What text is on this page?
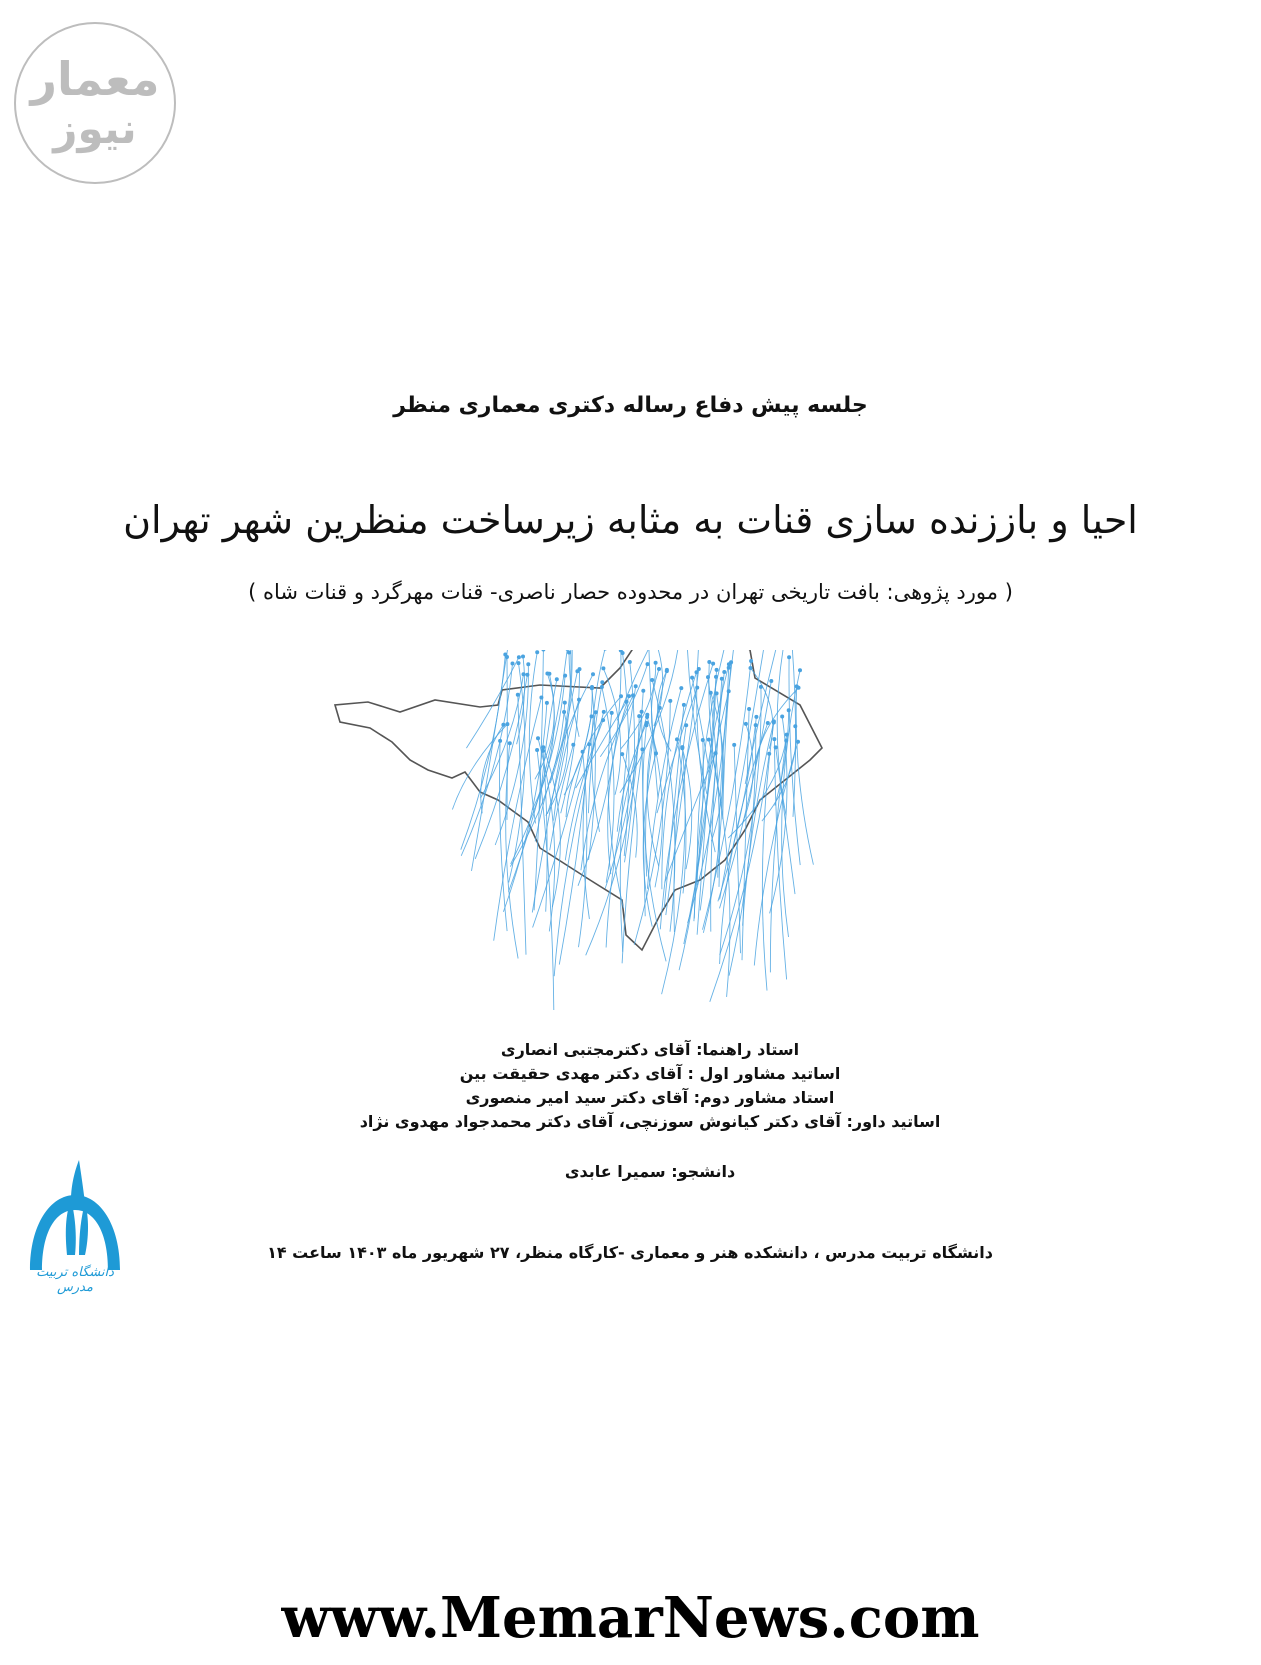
معمار
نیوز
جلسه پیش دفاع رساله دکتری معماری منظر
احیا و باززنده سازی قنات به مثابه زیرساخت منظرین شهر تهران
( مورد پژوهی: بافت تاریخی تهران در محدوده حصار ناصری- قنات مهرگرد و قنات شاه )
استاد راهنما: آقای دکترمجتبی انصاری
اساتید مشاور اول : آقای دکتر مهدی حقیقت بین
استاد مشاور دوم: آقای دکتر سید امیر منصوری
اساتید داور: آقای دکتر کیانوش سوزنچی، آقای دکتر محمدجواد مهدوی نژاد
دانشجو: سمیرا عابدی
دانشگاه تربیت مدرس ، دانشکده هنر و معماری -کارگاه منظر، ۲۷ شهریور ماه ۱۴۰۳ ساعت ۱۴
دانشگاه تربیت مدرس
www.MemarNews.com
